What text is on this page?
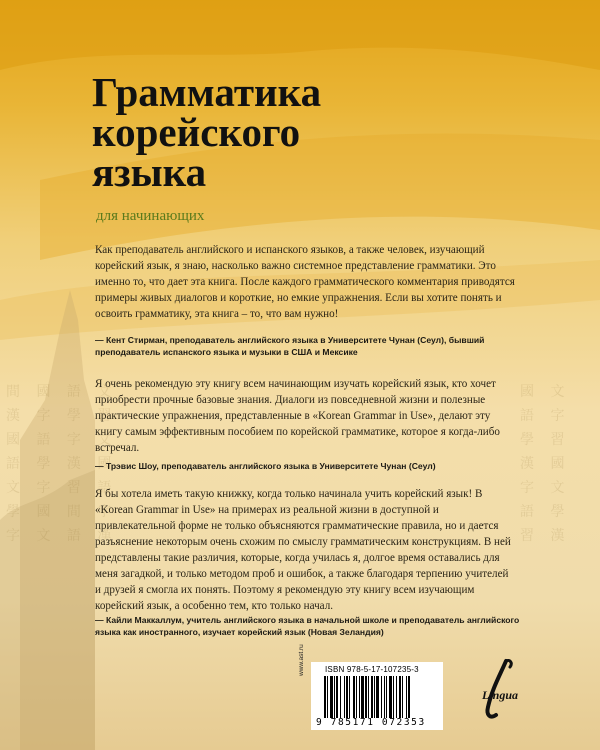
間 國 語 文
漢 字 學 習
國 語 字 文
語 學 漢 國
文 字 習 語
學 國 間 字
字 文 語 漢
國 文
語 字
學 習
漢 國
字 文
語 學
習 漢
Грамматика
корейского
языка

для начинающих

Как преподаватель английского и испанского языков, а также человек, изучающий корейский язык, я знаю, насколько важно системное представление грамматики. Это именно то, что дает эта книга. После каждого грамматического комментария приводятся примеры живых диалогов и короткие, но емкие упражнения. Если вы хотите понять и освоить грамматику, эта книга – то, что вам нужно!

— Кент Стирман, преподаватель английского языка в Университете Чунан (Сеул), бывший преподаватель испанского языка и музыки в США и Мексике

Я очень рекомендую эту книгу всем начинающим изучать корейский язык, кто хочет приобрести прочные базовые знания. Диалоги из повседневной жизни и полезные практические упражнения, представленные в «Korean Grammar in Use», делают эту книгу самым эффективным пособием по корейской грамматике, которое я когда-либо встречал.

— Трэвис Шоу, преподаватель английского языка в Университете Чунан (Сеул)

Я бы хотела иметь такую книжку, когда только начинала учить корейский язык! В «Korean Grammar in Use» на примерах из реальной жизни в доступной и привлекательной форме не только объясняются грамматические правила, но и дается разъяснение некоторым очень схожим по смыслу грамматическим конструкциям. В ней представлены такие различия, которые, когда училась я, долгое время оставались для меня загадкой, и только методом проб и ошибок, а также благодаря терпению учителей и друзей я смогла их понять. Поэтому я рекомендую эту книгу всем изучающим корейский язык, а особенно тем, кто только начал.

— Кайли Маккаллум, учитель английского языка в начальной школе и преподаватель английского языка как иностранного, изучает корейский язык (Новая Зеландия)

www.ast.ru	ISBN 978-5-17-107235-3
9 785171 072353
Lingua
